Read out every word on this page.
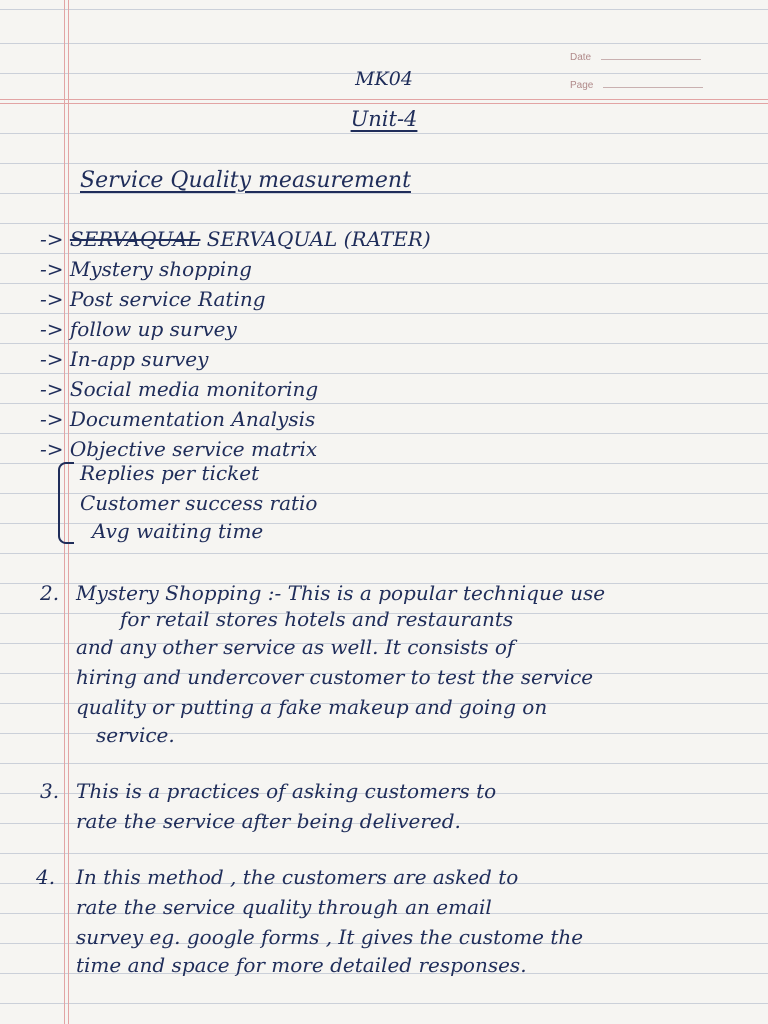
Date
Page
MK04
Unit-4
Service Quality measurement
-> SERVAQUAL SERVAQUAL (RATER)
-> Mystery shopping
-> Post service Rating
-> follow up survey
-> In-app survey
-> Social media monitoring
-> Documentation Analysis
-> Objective service matrix
Replies per ticket
Customer success ratio
Avg waiting time
2. Mystery Shopping :- This is a popular technique use
for retail stores hotels and restaurants
and any other service as well. It consists of
hiring and undercover customer to test the service
quality or putting a fake makeup and going on
service.
3. This is a practices of asking customers to
rate the service after being delivered.
4. In this method , the customers are asked to
rate the service quality through an email
survey eg. google forms , It gives the custome the
time and space for more detailed responses.
